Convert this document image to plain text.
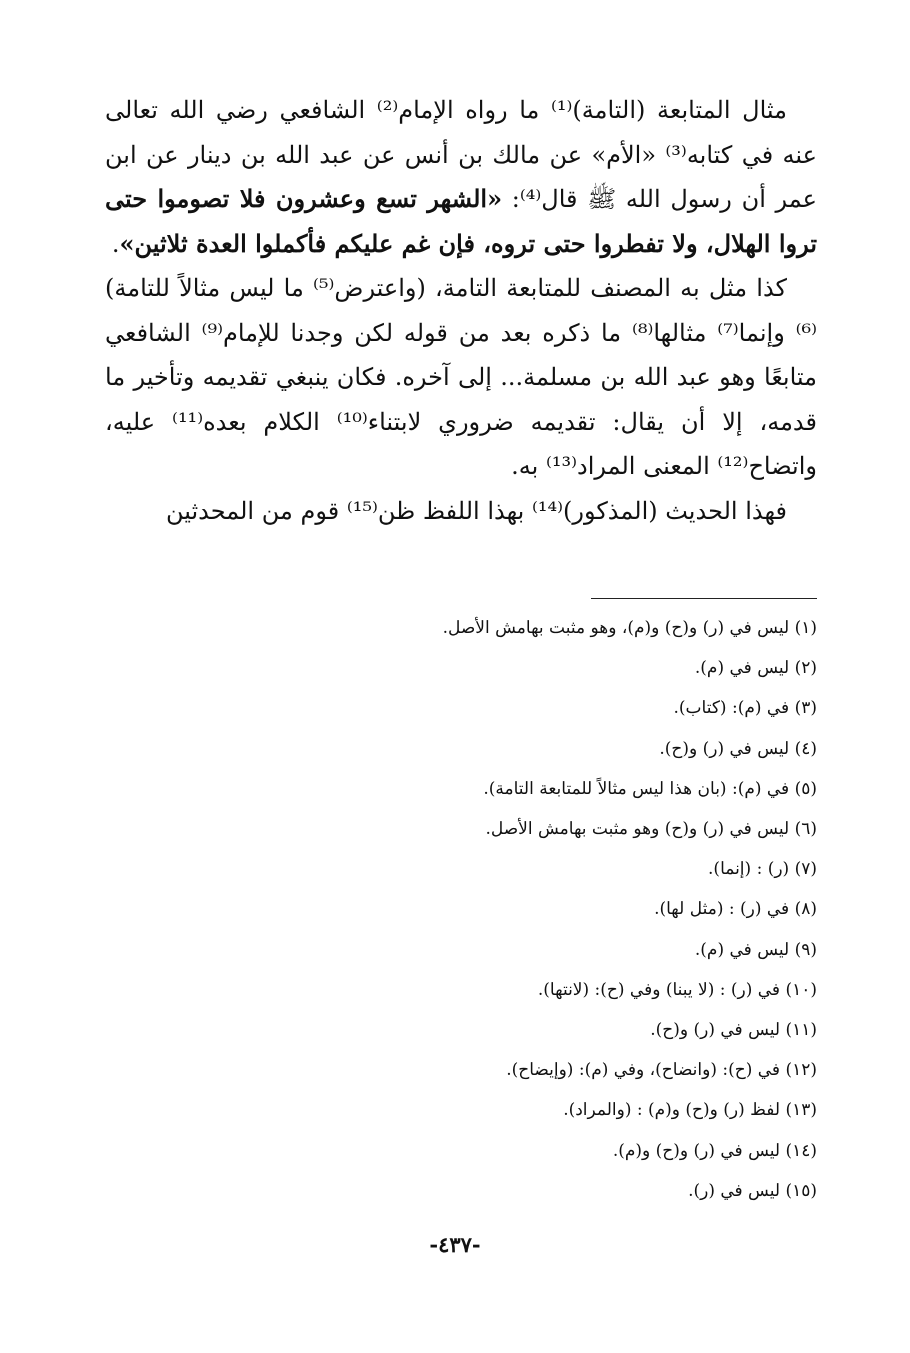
مثال المتابعة (التامة)⁽¹⁾ ما رواه الإمام⁽²⁾ الشافعي رضي الله تعالى عنه في كتابه⁽³⁾ «الأم» عن مالك بن أنس عن عبد الله بن دينار عن ابن عمر أن رسول الله ﷺ قال⁽⁴⁾: «الشهر تسع وعشرون فلا تصوموا حتى تروا الهلال، ولا تفطروا حتى تروه، فإن غم عليكم فأكملوا العدة ثلاثين».

كذا مثل به المصنف للمتابعة التامة، (واعترض⁽⁵⁾ ما ليس مثالاً للتامة)⁽⁶⁾ وإنما⁽⁷⁾ مثالها⁽⁸⁾ ما ذكره بعد من قوله لكن وجدنا للإمام⁽⁹⁾ الشافعي متابعًا وهو عبد الله بن مسلمة... إلى آخره. فكان ينبغي تقديمه وتأخير ما قدمه، إلا أن يقال: تقديمه ضروري لابتناء⁽¹⁰⁾ الكلام بعده⁽¹¹⁾ عليه، واتضاح⁽¹²⁾ المعنى المراد⁽¹³⁾ به.

فهذا الحديث (المذكور)⁽¹⁴⁾ بهذا اللفظ ظن⁽¹⁵⁾ قوم من المحدثين

(١) ليس في (ر) و(ح) و(م)، وهو مثبت بهامش الأصل.
(٢) ليس في (م).
(٣) في (م): (كتاب).
(٤) ليس في (ر) و(ح).
(٥) في (م): (بان هذا ليس مثالاً للمتابعة التامة).
(٦) ليس في (ر) و(ح) وهو مثبت بهامش الأصل.
(٧) (ر) : (إنما).
(٨) في (ر) : (مثل لها).
(٩) ليس في (م).
(١٠) في (ر) : (لا يبنا) وفي (ح): (لانتها).
(١١) ليس في (ر) و(ح).
(١٢) في (ح): (وانضاح)، وفي (م): (وإيضاح).
(١٣) لفظ (ر) و(ح) و(م) : (والمراد).
(١٤) ليس في (ر) و(ح) و(م).
(١٥) ليس في (ر).
-٤٣٧-
